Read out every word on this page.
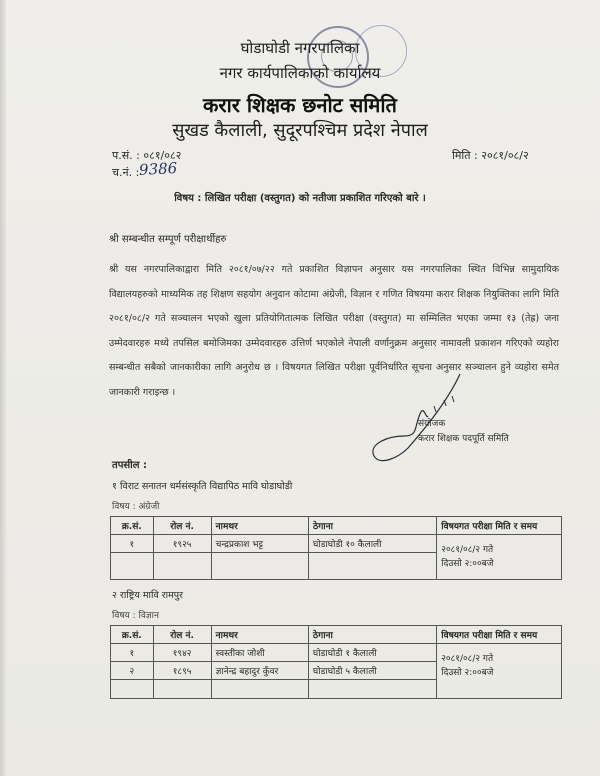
घोडाघोडी नगरपालिका
नगर कार्यपालिकाको कार्यालय
करार शिक्षक छनोट समिति
सुखड कैलाली, सुदूरपश्चिम प्रदेश नेपाल
प.सं. : ०८१/०८२
च.नं. : 9386
मिति : २०८१/०८/२
विषय : लिखित परीक्षा (वस्तुगत) को नतीजा प्रकाशित गरिएको बारे ।
श्री सम्बन्धीत सम्पूर्ण परीक्षार्थीहरु
श्री यस नगरपालिकाद्वारा मिति २०८१/०७/२२ गते प्रकाशित विज्ञापन अनुसार यस नगरपालिका स्थित विभिन्न सामुदायिक विद्यालयहरुको माध्यमिक तह शिक्षण सहयोग अनुदान कोटामा अंग्रेजी, विज्ञान र गणित विषयमा करार शिक्षक नियुक्तिका लागि मिति २०८१/०८/२ गते सञ्चालन भएको खुला प्रतियोगितात्मक लिखित परीक्षा (वस्तुगत) मा सम्मिलित भएका जम्मा १३ (तेह्र) जना उम्मेदवारहरु मध्ये तपसिल बमोजिमका उम्मेदवारहरु उत्तिर्ण भएकोले नेपाली वर्णानुक्रम अनुसार नामावली प्रकाशन गरिएको व्यहोरा सम्बन्धीत सबैको जानकारीका लागि अनुरोध छ । विषयगत लिखित परीक्षा पूर्वनिर्धारित सूचना अनुसार सञ्चालन हुने व्यहोरा समेत जानकारी गराइन्छ ।
संयोजक
करार शिक्षक पदपूर्ति समिति
तपसील :
१ विराट सनातन धर्मसंस्कृति विद्यापिठ मावि घोडाघोडी
विषय : अंग्रेजी
क्र.सं.	रोल नं.	नामथर	ठेगाना	विषयगत परीक्षा मिति र समय
१	१९२५	चन्द्रप्रकाश भट्ट	घोडाघोडी १० कैलाली	२०८१/०८/२ गते
दिउसो २:००बजे

२ राष्ट्रिय मावि रामपुर
विषय : विज्ञान
क्र.सं.	रोल नं.	नामथर	ठेगाना	विषयगत परीक्षा मिति र समय
१	१९४२	स्वस्तीका जोशी	घोडाघोडी १ कैलाली	२०८१/०८/२ गते
दिउसो २:००बजे

२	१८९५	ज्ञानेन्द्र बहादुर कुँवर	घोडाघोडी ५ कैलाली	
